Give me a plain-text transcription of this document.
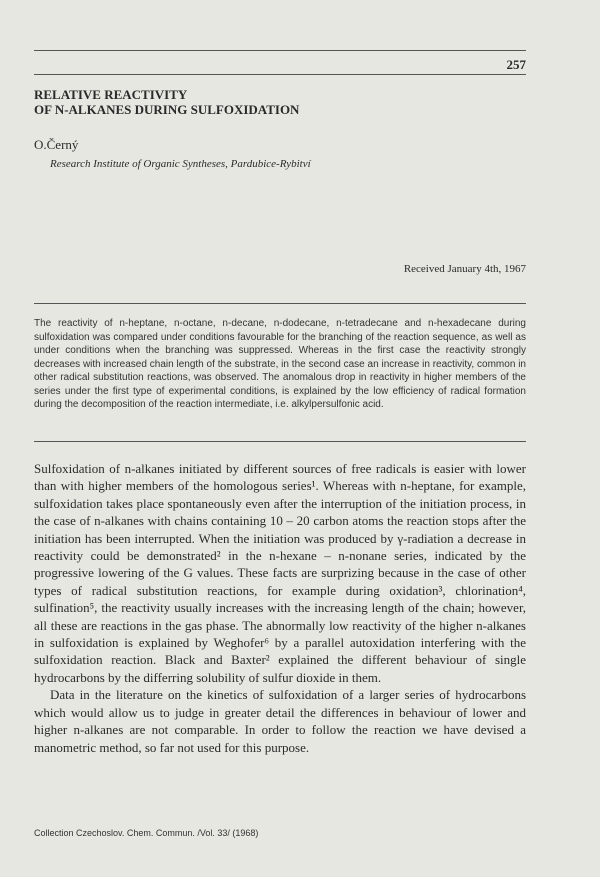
257
RELATIVE REACTIVITY
OF N-ALKANES DURING SULFOXIDATION
O.Černý
Research Institute of Organic Syntheses, Pardubice-Rybitví
Received January 4th, 1967
The reactivity of n-heptane, n-octane, n-decane, n-dodecane, n-tetradecane and n-hexadecane during sulfoxidation was compared under conditions favourable for the branching of the reaction sequence, as well as under conditions when the branching was suppressed. Whereas in the first case the reactivity strongly decreases with increased chain length of the substrate, in the second case an increase in reactivity, common in other radical substitution reactions, was observed. The anomalous drop in reactivity in higher members of the series under the first type of experimental conditions, is explained by the low efficiency of radical formation during the decomposition of the reaction intermediate, i.e. alkylpersulfonic acid.

Sulfoxidation of n-alkanes initiated by different sources of free radicals is easier with lower than with higher members of the homologous series¹. Whereas with n-heptane, for example, sulfoxidation takes place spontaneously even after the interruption of the initiation process, in the case of n-alkanes with chains containing 10 – 20 carbon atoms the reaction stops after the initiation has been interrupted. When the initiation was produced by γ-radiation a decrease in reactivity could be demonstrated² in the n-hexane – n-nonane series, indicated by the progressive lowering of the G values. These facts are surprizing because in the case of other types of radical substitution reactions, for example during oxidation³, chlorination⁴, sulfination⁵, the reactivity usually increases with the increasing length of the chain; however, all these are reactions in the gas phase. The abnormally low reactivity of the higher n-alkanes in sulfoxidation is explained by Weghofer⁶ by a parallel autoxidation interfering with the sulfoxidation reaction. Black and Baxter² explained the different behaviour of single hydrocarbons by the differring solubility of sulfur dioxide in them.

Data in the literature on the kinetics of sulfoxidation of a larger series of hydrocarbons which would allow us to judge in greater detail the differences in behaviour of lower and higher n-alkanes are not comparable. In order to follow the reaction we have devised a manometric method, so far not used for this purpose.

Collection Czechoslov. Chem. Commun. /Vol. 33/ (1968)
